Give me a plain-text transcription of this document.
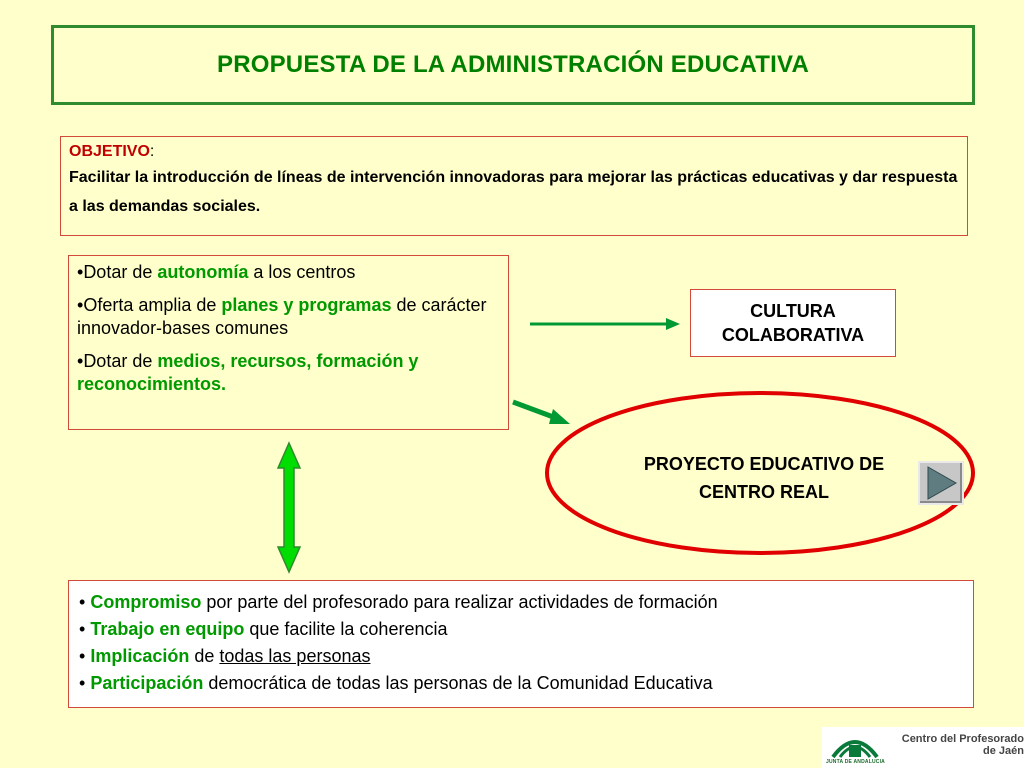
PROPUESTA DE LA ADMINISTRACIÓN EDUCATIVA
OBJETIVO:
Facilitar la introducción de líneas de intervención innovadoras para mejorar las prácticas educativas y dar respuesta a las demandas sociales.

•Dotar de autonomía a los centros

•Oferta amplia de planes y programas de carácter innovador-bases comunes

•Dotar de medios, recursos, formación y reconocimientos.

CULTURA
COLABORATIVA
PROYECTO EDUCATIVO DE
CENTRO REAL
• Compromiso por parte del profesorado para realizar actividades de formación
• Trabajo en equipo que facilite la coherencia
• Implicación de todas las personas
• Participación democrática de todas las personas de la Comunidad Educativa
Centro del Profesorado
de Jaén
JUNTA DE ANDALUCIA
